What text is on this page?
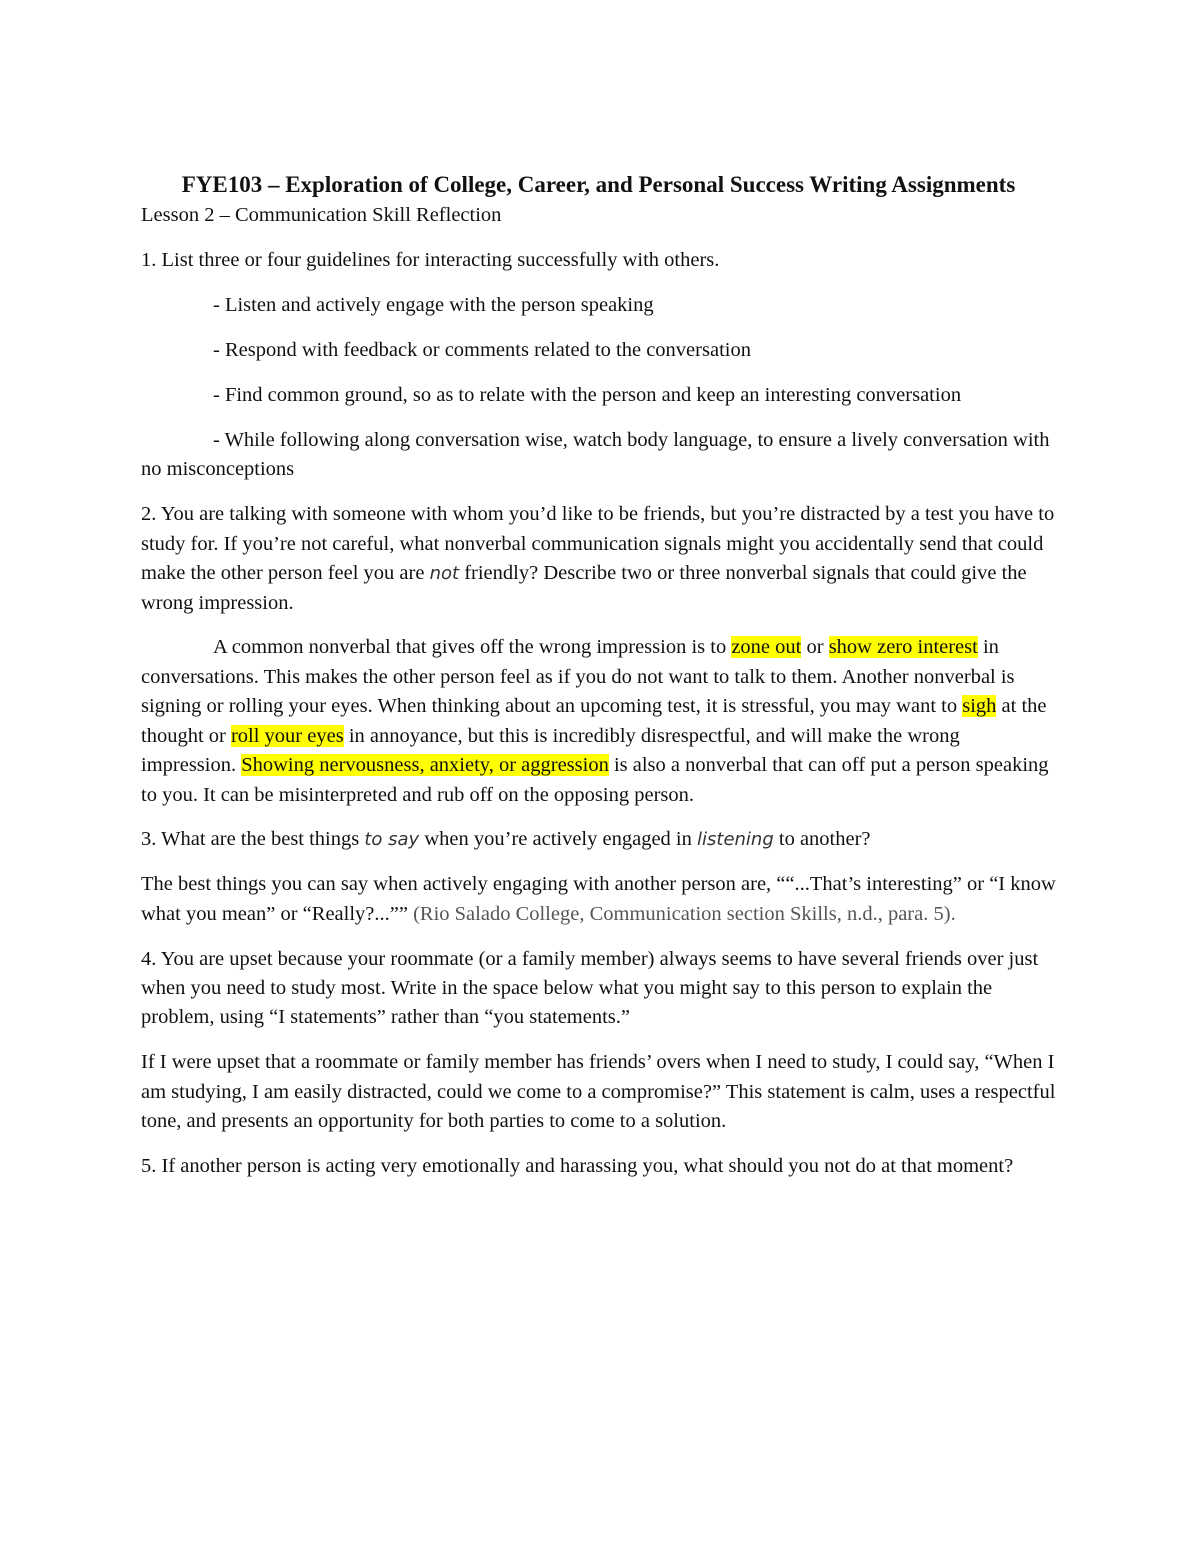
FYE103 – Exploration of College, Career, and Personal Success Writing Assignments

Lesson 2 – Communication Skill Reflection

1. List three or four guidelines for interacting successfully with others.

- Listen and actively engage with the person speaking

- Respond with feedback or comments related to the conversation

- Find common ground, so as to relate with the person and keep an interesting conversation

- While following along conversation wise, watch body language, to ensure a lively conversation with no misconceptions

2. You are talking with someone with whom you’d like to be friends, but you’re distracted by a test you have to study for. If you’re not careful, what nonverbal communication signals might you accidentally send that could make the other person feel you are not friendly? Describe two or three nonverbal signals that could give the wrong impression.

A common nonverbal that gives off the wrong impression is to zone out or show zero interest in conversations. This makes the other person feel as if you do not want to talk to them. Another nonverbal is signing or rolling your eyes. When thinking about an upcoming test, it is stressful, you may want to sigh at the thought or roll your eyes in annoyance, but this is incredibly disrespectful, and will make the wrong impression. Showing nervousness, anxiety, or aggression is also a nonverbal that can off put a person speaking to you. It can be misinterpreted and rub off on the opposing person.

3. What are the best things to say when you’re actively engaged in listening to another?

The best things you can say when actively engaging with another person are, ““...That’s interesting” or “I know what you mean” or “Really?...”” (Rio Salado College, Communication section Skills, n.d., para. 5).

4. You are upset because your roommate (or a family member) always seems to have several friends over just when you need to study most. Write in the space below what you might say to this person to explain the problem, using “I statements” rather than “you statements.”

If I were upset that a roommate or family member has friends’ overs when I need to study, I could say, “When I am studying, I am easily distracted, could we come to a compromise?” This statement is calm, uses a respectful tone, and presents an opportunity for both parties to come to a solution.

5. If another person is acting very emotionally and harassing you, what should you not do at that moment?
